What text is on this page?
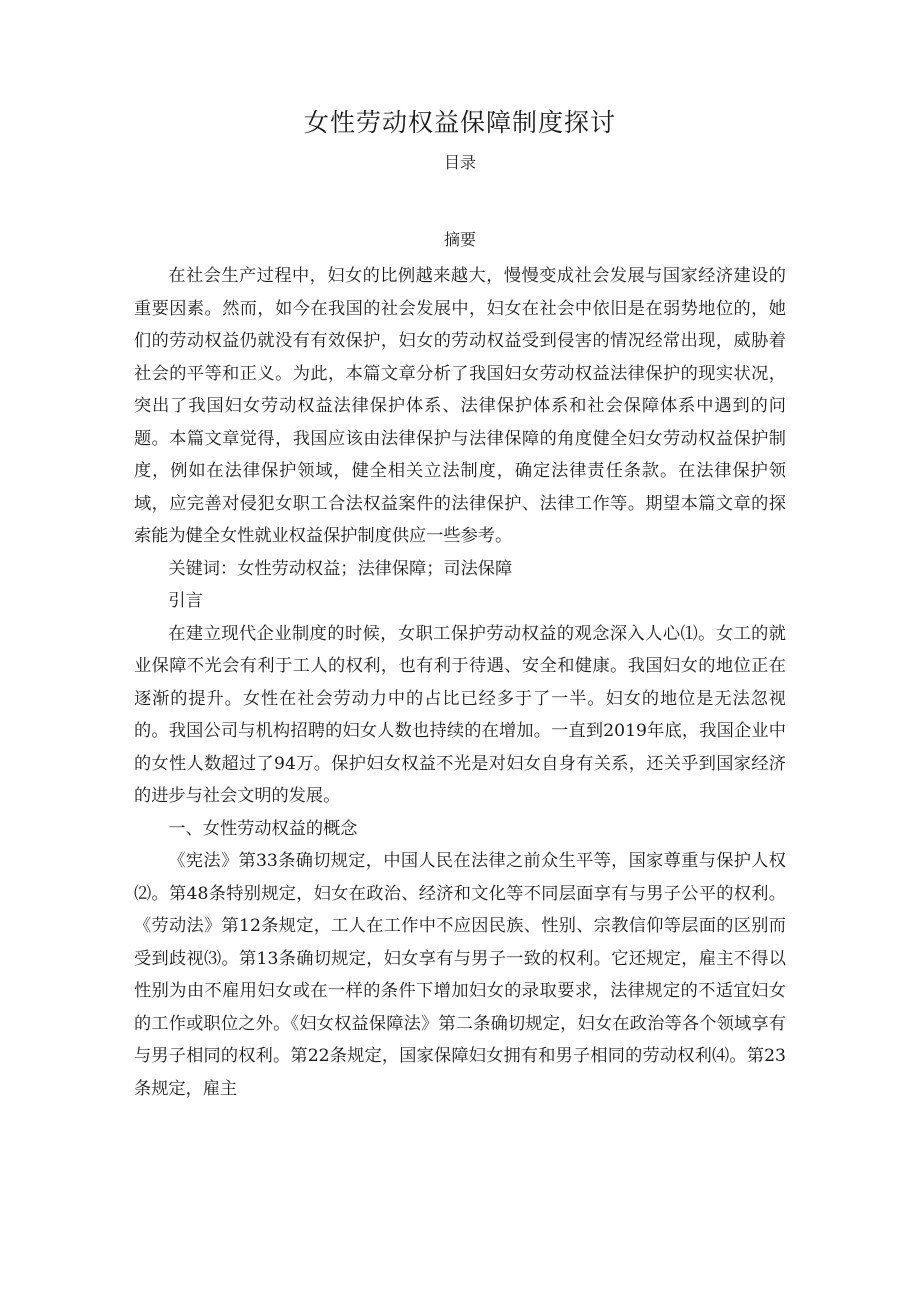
女性劳动权益保障制度探讨
目录
摘要

在社会生产过程中，妇女的比例越来越大，慢慢变成社会发展与国家经济建设的重要因素。然而，如今在我国的社会发展中，妇女在社会中依旧是在弱势地位的，她们的劳动权益仍就没有有效保护，妇女的劳动权益受到侵害的情况经常出现，威胁着社会的平等和正义。为此，本篇文章分析了我国妇女劳动权益法律保护的现实状况，突出了我国妇女劳动权益法律保护体系、法律保护体系和社会保障体系中遇到的问题。本篇文章觉得，我国应该由法律保护与法律保障的角度健全妇女劳动权益保护制度，例如在法律保护领域，健全相关立法制度，确定法律责任条款。在法律保护领域，应完善对侵犯女职工合法权益案件的法律保护、法律工作等。期望本篇文章的探索能为健全女性就业权益保护制度供应一些参考。

关键词：女性劳动权益；法律保障；司法保障

引言

在建立现代企业制度的时候，女职工保护劳动权益的观念深入人心⑴。女工的就业保障不光会有利于工人的权利，也有利于待遇、安全和健康。我国妇女的地位正在逐渐的提升。女性在社会劳动力中的占比已经多于了一半。妇女的地位是无法忽视的。我国公司与机构招聘的妇女人数也持续的在增加。一直到2019年底，我国企业中的女性人数超过了94万。保护妇女权益不光是对妇女自身有关系，还关乎到国家经济的进步与社会文明的发展。

一、女性劳动权益的概念

《宪法》第33条确切规定，中国人民在法律之前众生平等，国家尊重与保护人权⑵。第48条特别规定，妇女在政治、经济和文化等不同层面享有与男子公平的权利。《劳动法》第12条规定，工人在工作中不应因民族、性别、宗教信仰等层面的区别而受到歧视⑶。第13条确切规定，妇女享有与男子一致的权利。它还规定，雇主不得以性别为由不雇用妇女或在一样的条件下增加妇女的录取要求，法律规定的不适宜妇女的工作或职位之外。《妇女权益保障法》第二条确切规定，妇女在政治等各个领域享有与男子相同的权利。第22条规定，国家保障妇女拥有和男子相同的劳动权利⑷。第23条规定，雇主
